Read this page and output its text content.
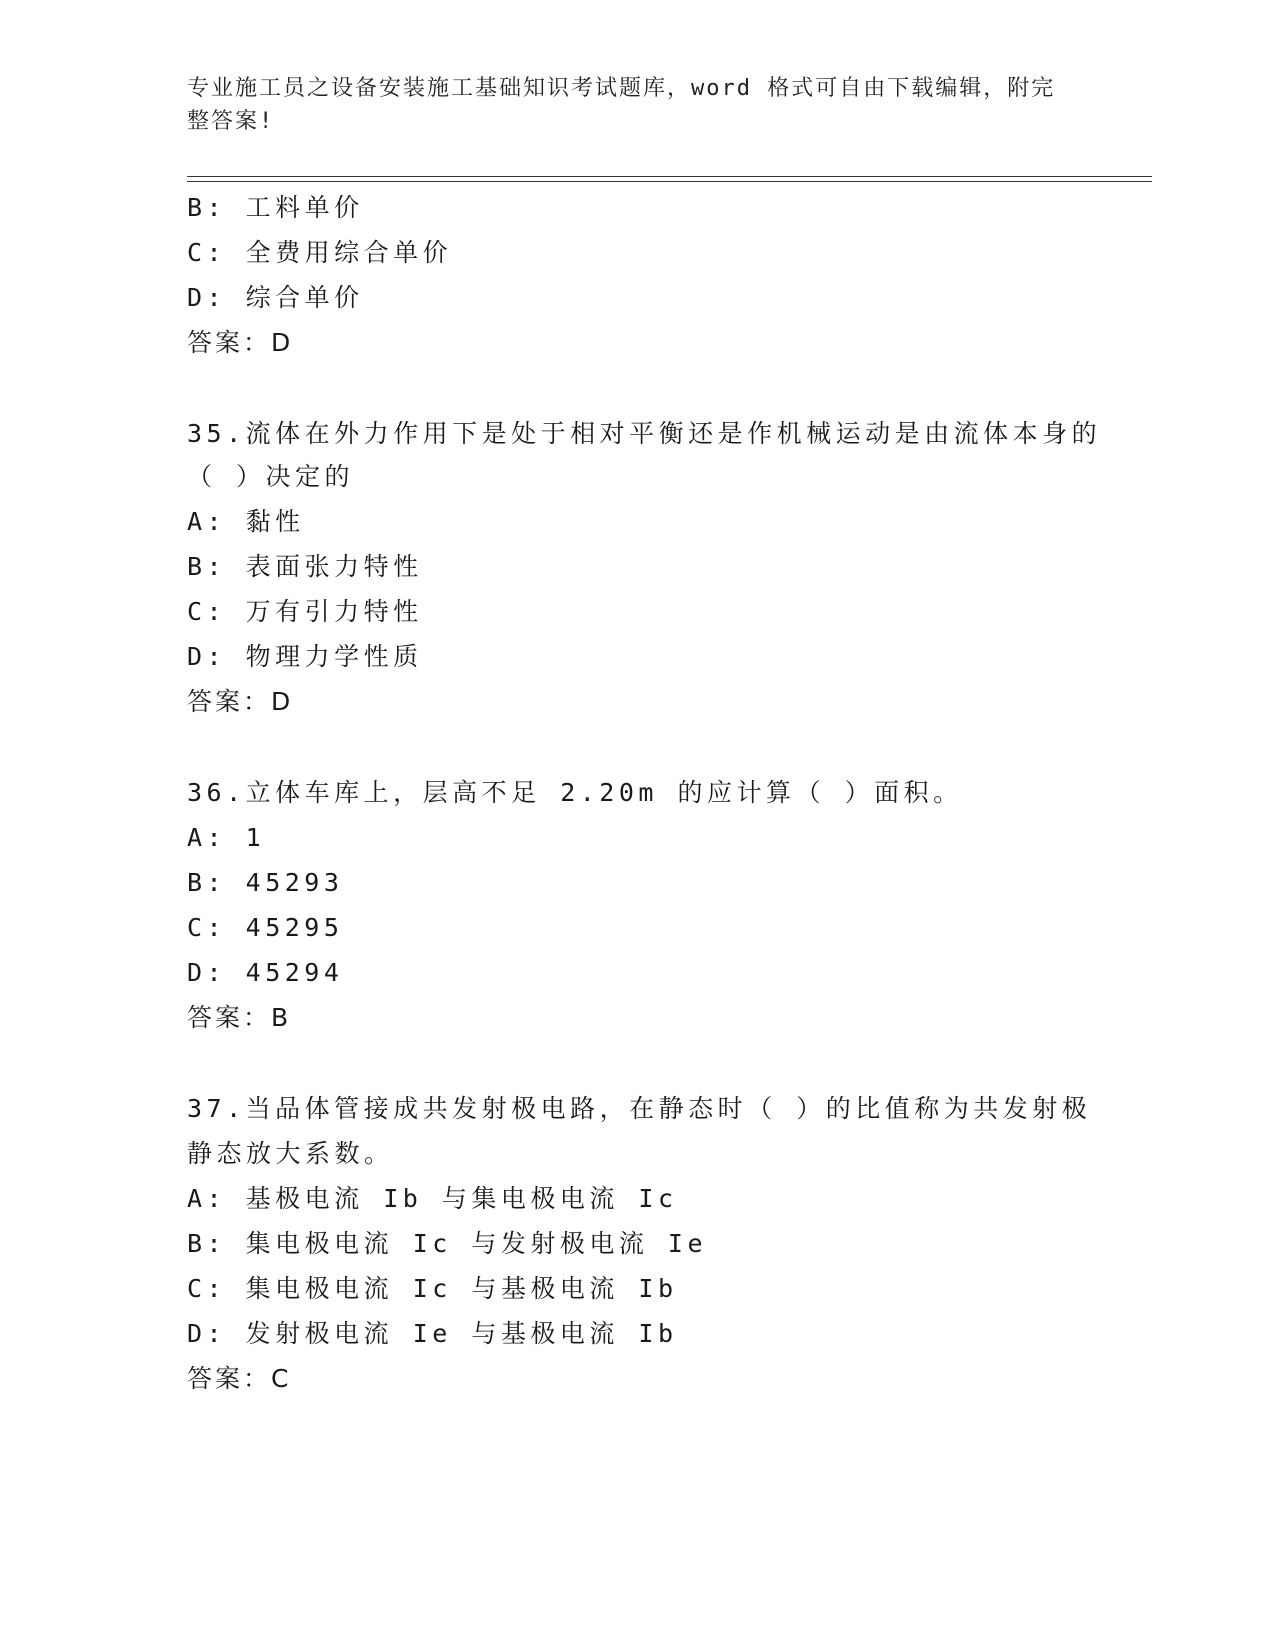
专业施工员之设备安装施工基础知识考试题库，word 格式可自由下载编辑，附完整答案!
B: 工料单价
C: 全费用综合单价
D: 综合单价
答案：D
35.流体在外力作用下是处于相对平衡还是作机械运动是由流体本身的
（ ）决定的
A: 黏性
B: 表面张力特性
C: 万有引力特性
D: 物理力学性质
答案：D
36.立体车库上，层高不足 2.20m 的应计算（ ）面积。
A: 1
B: 45293
C: 45295
D: 45294
答案：B
37.当品体管接成共发射极电路，在静态时（ ）的比值称为共发射极
静态放大系数。
A: 基极电流 Ib 与集电极电流 Ic
B: 集电极电流 Ic 与发射极电流 Ie
C: 集电极电流 Ic 与基极电流 Ib
D: 发射极电流 Ie 与基极电流 Ib
答案：C
